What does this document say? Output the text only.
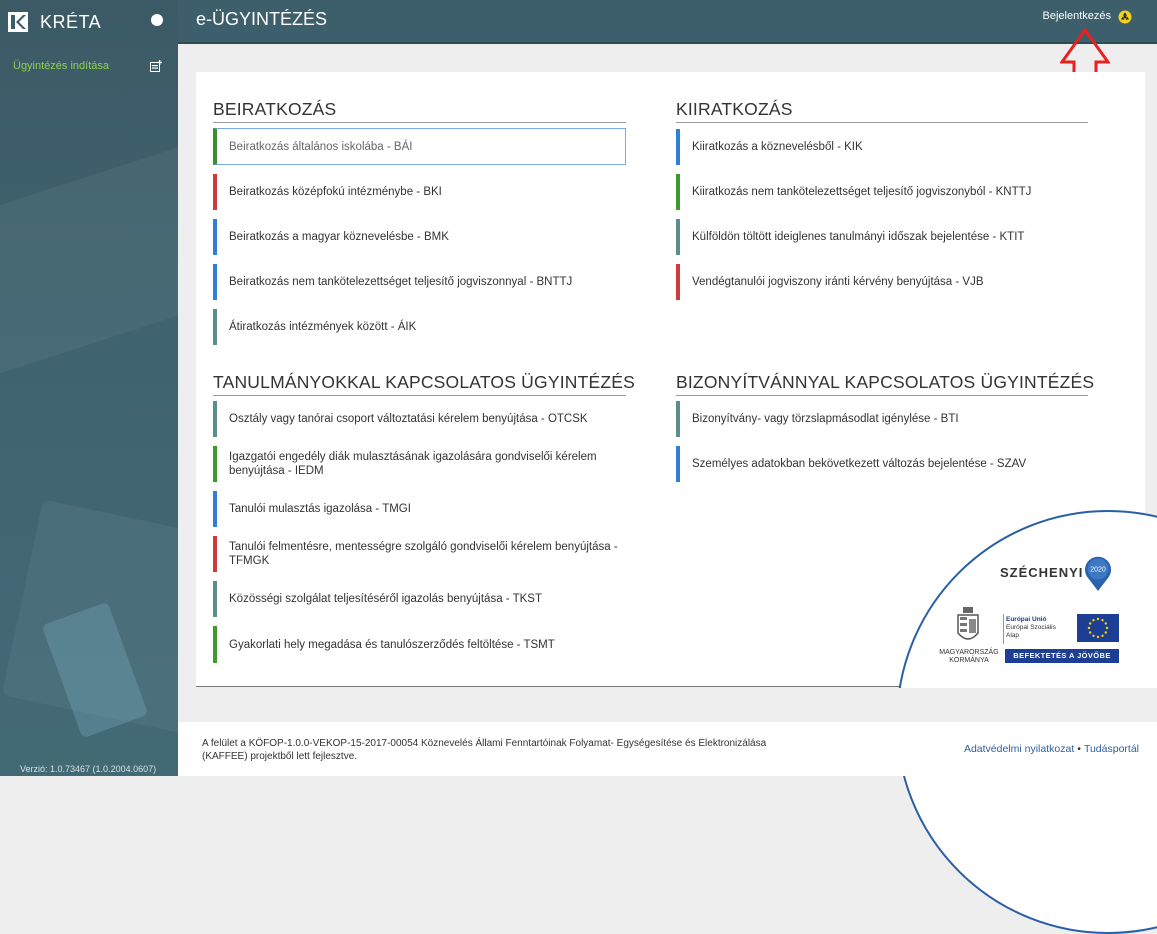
KRÉTA
Ügyintézés indítása
Verzió: 1.0.73467 (1.0.2004.0607)
e-ÜGYINTÉZÉS	Bejelentkezés
BEIRATKOZÁS
Beiratkozás általános iskolába - BÁI
Beiratkozás középfokú intézménybe - BKI
Beiratkozás a magyar köznevelésbe - BMK
Beiratkozás nem tankötelezettséget teljesítő jogviszonnyal - BNTTJ
Átiratkozás intézmények között - ÁIK
KIIRATKOZÁS
Kiiratkozás a köznevelésből - KIK
Kiiratkozás nem tankötelezettséget teljesítő jogviszonyból - KNTTJ
Külföldön töltött ideiglenes tanulmányi időszak bejelentése - KTIT
Vendégtanulói jogviszony iránti kérvény benyújtása - VJB
TANULMÁNYOKKAL KAPCSOLATOS ÜGYINTÉZÉS
Osztály vagy tanórai csoport változtatási kérelem benyújtása - OTCSK
Igazgatói engedély diák mulasztásának igazolására gondviselői kérelem benyújtása - IEDM
Tanulói mulasztás igazolása - TMGI
Tanulói felmentésre, mentességre szolgáló gondviselői kérelem benyújtása - TFMGK
Közösségi szolgálat teljesítéséről igazolás benyújtása - TKST
Gyakorlati hely megadása és tanulószerződés feltöltése - TSMT
BIZONYÍTVÁNNYAL KAPCSOLATOS ÜGYINTÉZÉS
Bizonyítvány- vagy törzslapmásodlat igénylése - BTI
Személyes adatokban bekövetkezett változás bejelentése - SZAV
SZÉCHENYI 2020
MAGYARORSZÁG
KORMÁNYA
Európai Unió
Európai Szociális
Alap
BEFEKTETÉS A JÖVŐBE
A felület a KÖFOP-1.0.0-VEKOP-15-2017-00054 Köznevelés Állami Fenntartóinak Folyamat- Egységesítése és Elektronizálása (KAFFEE) projektből lett fejlesztve.
Adatvédelmi nyilatkozat • Tudásportál
